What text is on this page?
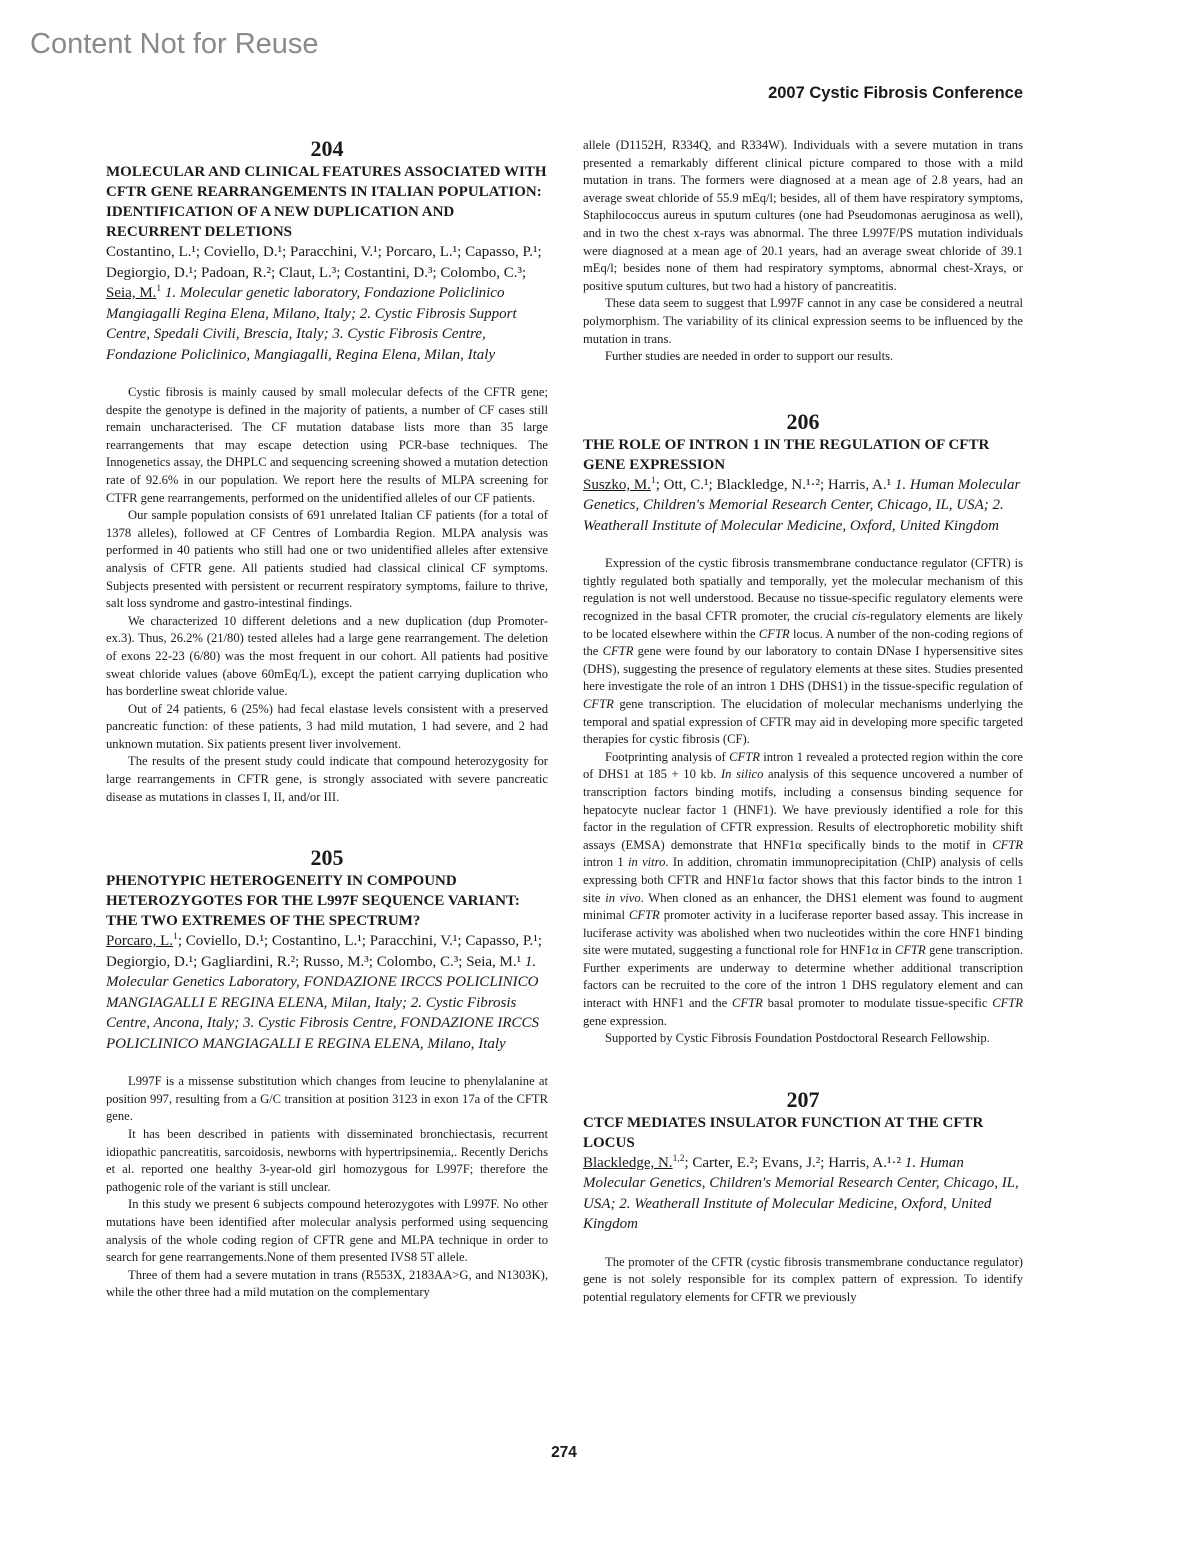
Content Not for Reuse
2007 Cystic Fibrosis Conference
204
MOLECULAR AND CLINICAL FEATURES ASSOCIATED WITH CFTR GENE REARRANGEMENTS IN ITALIAN POPULATION: IDENTIFICATION OF A NEW DUPLICATION AND RECURRENT DELETIONS
Costantino, L.¹; Coviello, D.¹; Paracchini, V.¹; Porcaro, L.¹; Capasso, P.¹; Degiorgio, D.¹; Padoan, R.²; Claut, L.³; Costantini, D.³; Colombo, C.³; Seia, M.$^1$ 1. Molecular genetic laboratory, Fondazione Policlinico Mangiagalli Regina Elena, Milano, Italy; 2. Cystic Fibrosis Support Centre, Spedali Civili, Brescia, Italy; 3. Cystic Fibrosis Centre, Fondazione Policlinico, Mangiagalli, Regina Elena, Milan, Italy

Cystic fibrosis is mainly caused by small molecular defects of the CFTR gene; despite the genotype is defined in the majority of patients, a number of CF cases still remain uncharacterised. The CF mutation database lists more than 35 large rearrangements that may escape detection using PCR-base techniques. The Innogenetics assay, the DHPLC and sequencing screening showed a mutation detection rate of 92.6% in our population. We report here the results of MLPA screening for CTFR gene rearrangements, performed on the unidentified alleles of our CF patients.

Our sample population consists of 691 unrelated Italian CF patients (for a total of 1378 alleles), followed at CF Centres of Lombardia Region. MLPA analysis was performed in 40 patients who still had one or two unidentified alleles after extensive analysis of CFTR gene. All patients studied had classical clinical CF symptoms. Subjects presented with persistent or recurrent respiratory symptoms, failure to thrive, salt loss syndrome and gastro-intestinal findings.

We characterized 10 different deletions and a new duplication (dup Promoter-ex.3). Thus, 26.2% (21/80) tested alleles had a large gene rearrangement. The deletion of exons 22-23 (6/80) was the most frequent in our cohort. All patients had positive sweat chloride values (above 60mEq/L), except the patient carrying duplication who has borderline sweat chloride value.

Out of 24 patients, 6 (25%) had fecal elastase levels consistent with a preserved pancreatic function: of these patients, 3 had mild mutation, 1 had severe, and 2 had unknown mutation. Six patients present liver involvement.

The results of the present study could indicate that compound heterozygosity for large rearrangements in CFTR gene, is strongly associated with severe pancreatic disease as mutations in classes I, II, and/or III.

205
PHENOTYPIC HETEROGENEITY IN COMPOUND HETEROZYGOTES FOR THE L997F SEQUENCE VARIANT: THE TWO EXTREMES OF THE SPECTRUM?
Porcaro, L.$^1$; Coviello, D.¹; Costantino, L.¹; Paracchini, V.¹; Capasso, P.¹; Degiorgio, D.¹; Gagliardini, R.²; Russo, M.³; Colombo, C.³; Seia, M.¹ 1. Molecular Genetics Laboratory, FONDAZIONE IRCCS POLICLINICO MANGIAGALLI E REGINA ELENA, Milan, Italy; 2. Cystic Fibrosis Centre, Ancona, Italy; 3. Cystic Fibrosis Centre, FONDAZIONE IRCCS POLICLINICO MANGIAGALLI E REGINA ELENA, Milano, Italy

L997F is a missense substitution which changes from leucine to phenylalanine at position 997, resulting from a G/C transition at position 3123 in exon 17a of the CFTR gene.

It has been described in patients with disseminated bronchiectasis, recurrent idiopathic pancreatitis, sarcoidosis, newborns with hypertripsinemia,. Recently Derichs et al. reported one healthy 3-year-old girl homozygous for L997F; therefore the pathogenic role of the variant is still unclear.

In this study we present 6 subjects compound heterozygotes with L997F. No other mutations have been identified after molecular analysis performed using sequencing analysis of the whole coding region of CFTR gene and MLPA technique in order to search for gene rearrangements.None of them presented IVS8 5T allele.

Three of them had a severe mutation in trans (R553X, 2183AA>G, and N1303K), while the other three had a mild mutation on the complementary

allele (D1152H, R334Q, and R334W). Individuals with a severe mutation in trans presented a remarkably different clinical picture compared to those with a mild mutation in trans. The formers were diagnosed at a mean age of 2.8 years, had an average sweat chloride of 55.9 mEq/l; besides, all of them have respiratory symptoms, Staphilococcus aureus in sputum cultures (one had Pseudomonas aeruginosa as well), and in two the chest x-rays was abnormal. The three L997F/PS mutation individuals were diagnosed at a mean age of 20.1 years, had an average sweat chloride of 39.1 mEq/l; besides none of them had respiratory symptoms, abnormal chest-Xrays, or positive sputum cultures, but two had a history of pancreatitis.

These data seem to suggest that L997F cannot in any case be considered a neutral polymorphism. The variability of its clinical expression seems to be influenced by the mutation in trans.

Further studies are needed in order to support our results.

206
THE ROLE OF INTRON 1 IN THE REGULATION OF CFTR GENE EXPRESSION
Suszko, M.$^1$; Ott, C.¹; Blackledge, N.¹·²; Harris, A.¹ 1. Human Molecular Genetics, Children's Memorial Research Center, Chicago, IL, USA; 2. Weatherall Institute of Molecular Medicine, Oxford, United Kingdom

Expression of the cystic fibrosis transmembrane conductance regulator (CFTR) is tightly regulated both spatially and temporally, yet the molecular mechanism of this regulation is not well understood. Because no tissue-specific regulatory elements were recognized in the basal CFTR promoter, the crucial cis-regulatory elements are likely to be located elsewhere within the CFTR locus. A number of the non-coding regions of the CFTR gene were found by our laboratory to contain DNase I hypersensitive sites (DHS), suggesting the presence of regulatory elements at these sites. Studies presented here investigate the role of an intron 1 DHS (DHS1) in the tissue-specific regulation of CFTR gene transcription. The elucidation of molecular mechanisms underlying the temporal and spatial expression of CFTR may aid in developing more specific targeted therapies for cystic fibrosis (CF).

Footprinting analysis of CFTR intron 1 revealed a protected region within the core of DHS1 at 185 + 10 kb. In silico analysis of this sequence uncovered a number of transcription factors binding motifs, including a consensus binding sequence for hepatocyte nuclear factor 1 (HNF1). We have previously identified a role for this factor in the regulation of CFTR expression. Results of electrophoretic mobility shift assays (EMSA) demonstrate that HNF1α specifically binds to the motif in CFTR intron 1 in vitro. In addition, chromatin immunoprecipitation (ChIP) analysis of cells expressing both CFTR and HNF1α factor shows that this factor binds to the intron 1 site in vivo. When cloned as an enhancer, the DHS1 element was found to augment minimal CFTR promoter activity in a luciferase reporter based assay. This increase in luciferase activity was abolished when two nucleotides within the core HNF1 binding site were mutated, suggesting a functional role for HNF1α in CFTR gene transcription. Further experiments are underway to determine whether additional transcription factors can be recruited to the core of the intron 1 DHS regulatory element and can interact with HNF1 and the CFTR basal promoter to modulate tissue-specific CFTR gene expression.

Supported by Cystic Fibrosis Foundation Postdoctoral Research Fellowship.

207
CTCF MEDIATES INSULATOR FUNCTION AT THE CFTR LOCUS
Blackledge, N.$^{1,2}$; Carter, E.²; Evans, J.²; Harris, A.¹·² 1. Human Molecular Genetics, Children's Memorial Research Center, Chicago, IL, USA; 2. Weatherall Institute of Molecular Medicine, Oxford, United Kingdom

The promoter of the CFTR (cystic fibrosis transmembrane conductance regulator) gene is not solely responsible for its complex pattern of expression. To identify potential regulatory elements for CFTR we previously

274
